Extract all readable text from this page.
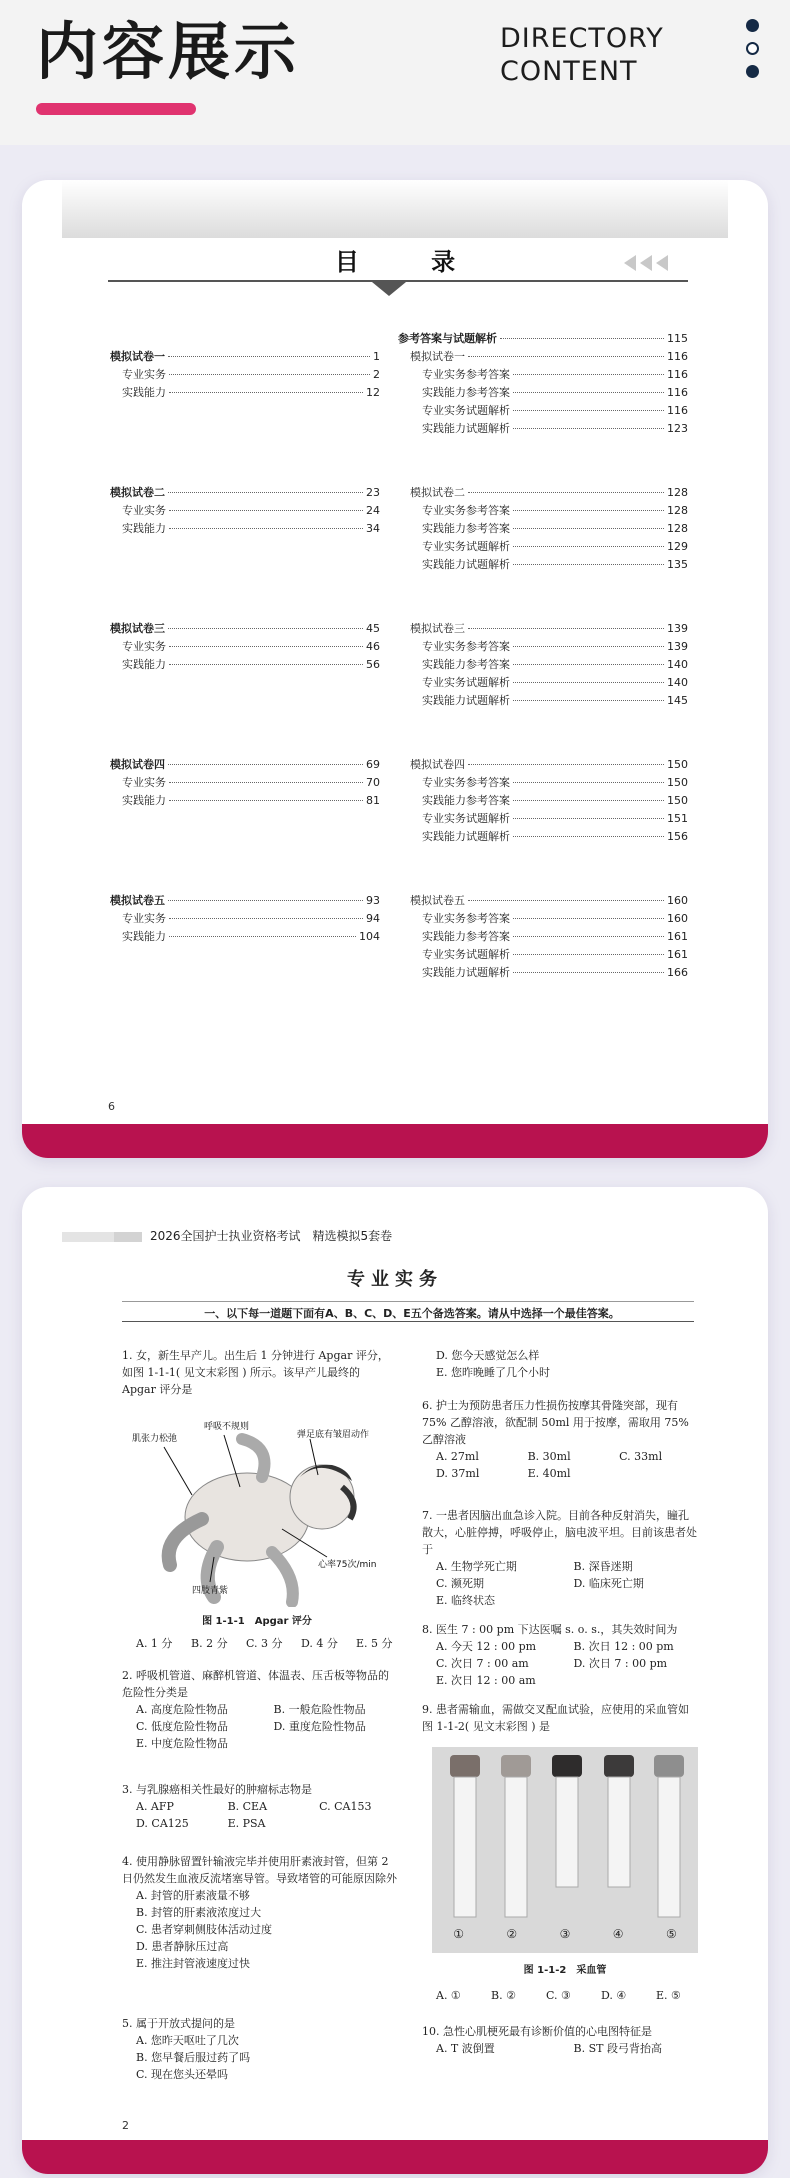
内容展示	DIRECTORY
CONTENT
目 录
模拟试卷一	1
专业实务	2
实践能力	12
模拟试卷二	23
专业实务	24
实践能力	34
模拟试卷三	45
专业实务	46
实践能力	56
模拟试卷四	69
专业实务	70
实践能力	81
模拟试卷五	93
专业实务	94
实践能力	104
参考答案与试题解析	115
模拟试卷一	116
专业实务参考答案	116
实践能力参考答案	116
专业实务试题解析	116
实践能力试题解析	123
模拟试卷二	128
专业实务参考答案	128
实践能力参考答案	128
专业实务试题解析	129
实践能力试题解析	135
模拟试卷三	139
专业实务参考答案	139
实践能力参考答案	140
专业实务试题解析	140
实践能力试题解析	145
模拟试卷四	150
专业实务参考答案	150
实践能力参考答案	150
专业实务试题解析	151
实践能力试题解析	156
模拟试卷五	160
专业实务参考答案	160
实践能力参考答案	161
专业实务试题解析	161
实践能力试题解析	166
6
2026全国护士执业资格考试　精选模拟5套卷
专业实务
一、以下每一道题下面有A、B、C、D、E五个备选答案。请从中选择一个最佳答案。
1. 女，新生早产儿。出生后 1 分钟进行 Apgar 评分，如图 1-1-1( 见文末彩图 ) 所示。该早产儿最终的 Apgar 评分是
肌张力松弛
呼吸不规则
弹足底有皱眉动作
心率75次/min
四肢青紫
图 1-1-1　Apgar 评分
A. 1 分	B. 2 分	C. 3 分	D. 4 分	E. 5 分
2. 呼吸机管道、麻醉机管道、体温表、压舌板等物品的危险性分类是
A. 高度危险性物品	B. 一般危险性物品
C. 低度危险性物品	D. 重度危险性物品
E. 中度危险性物品
3. 与乳腺癌相关性最好的肿瘤标志物是
A. AFP	B. CEA	C. CA153
D. CA125	E. PSA
4. 使用静脉留置针输液完毕并使用肝素液封管，但第 2 日仍然发生血液反流堵塞导管。导致堵管的可能原因除外
A. 封管的肝素液量不够
B. 封管的肝素液浓度过大
C. 患者穿刺侧肢体活动过度
D. 患者静脉压过高
E. 推注封管液速度过快
5. 属于开放式提问的是
A. 您昨天呕吐了几次
B. 您早餐后服过药了吗
C. 现在您头还晕吗
D. 您今天感觉怎么样
E. 您昨晚睡了几个小时
6. 护士为预防患者压力性损伤按摩其骨隆突部，现有 75% 乙醇溶液，欲配制 50ml 用于按摩，需取用 75% 乙醇溶液
A. 27ml	B. 30ml	C. 33ml
D. 37ml	E. 40ml
7. 一患者因脑出血急诊入院。目前各种反射消失，瞳孔散大，心脏停搏，呼吸停止，脑电波平坦。目前该患者处于
A. 生物学死亡期	B. 深昏迷期
C. 濒死期	D. 临床死亡期
E. 临终状态
8. 医生 7 : 00 pm 下达医嘱 s. o. s.，其失效时间为
A. 今天 12 : 00 pm	B. 次日 12 : 00 pm
C. 次日 7 : 00 am	D. 次日 7 : 00 pm
E. 次日 12 : 00 am
9. 患者需输血，需做交叉配血试验，应使用的采血管如图 1-1-2( 见文末彩图 ) 是
①	②	③	④	⑤
图 1-1-2　采血管
A. ①	B. ②	C. ③	D. ④	E. ⑤
10. 急性心肌梗死最有诊断价值的心电图特征是
A. T 波倒置	B. ST 段弓背抬高
2
